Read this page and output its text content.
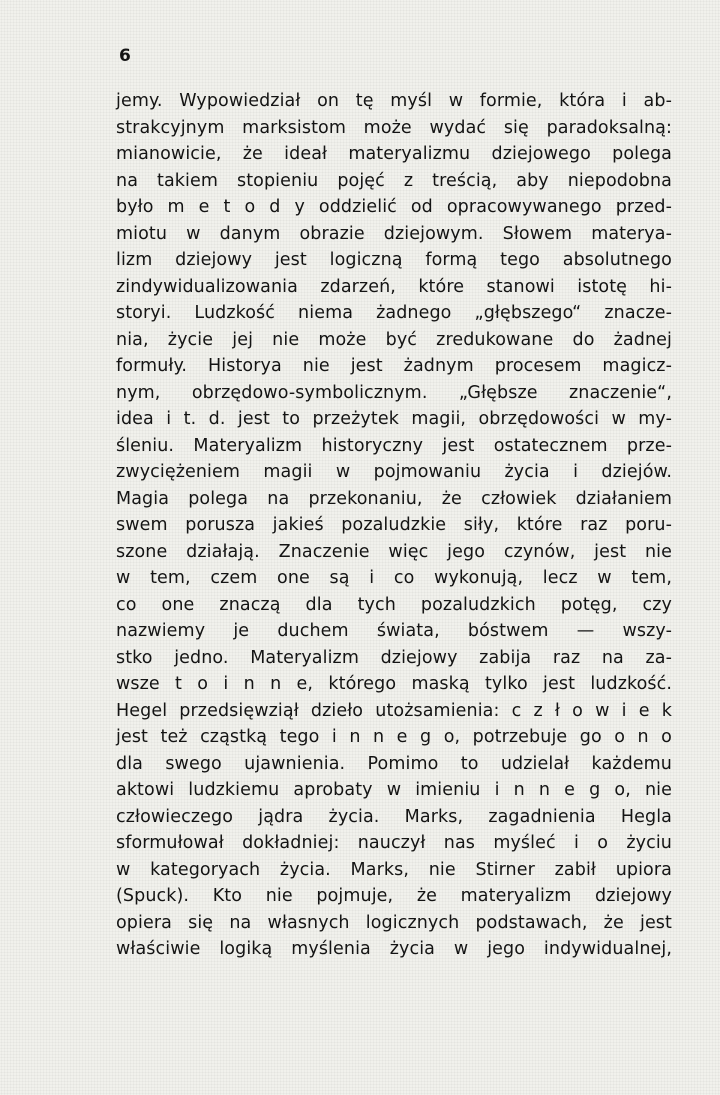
6
jemy. Wypowiedział on tę myśl w formie, która i ab-
strakcyjnym marksistom może wydać się paradoksalną:
mianowicie, że ideał materyalizmu dziejowego polega
na takiem stopieniu pojęć z treścią, aby niepodobna
było m e t o d y oddzielić od opracowywanego przed-
miotu w danym obrazie dziejowym. Słowem materya-
lizm dziejowy jest logiczną formą tego absolutnego
zindywidualizowania zdarzeń, które stanowi istotę hi-
storyi. Ludzkość niema żadnego „głębszego“ znacze-
nia, życie jej nie może być zredukowane do żadnej
formuły. Historya nie jest żadnym procesem magicz-
nym, obrzędowo-symbolicznym. „Głębsze znaczenie“,
idea i t. d. jest to przeżytek magii, obrzędowości w my-
śleniu. Materyalizm historyczny jest ostatecznem prze-
zwyciężeniem magii w pojmowaniu życia i dziejów.
Magia polega na przekonaniu, że człowiek działaniem
swem porusza jakieś pozaludzkie siły, które raz poru-
szone działają. Znaczenie więc jego czynów, jest nie
w tem, czem one są i co wykonują, lecz w tem,
co one znaczą dla tych pozaludzkich potęg, czy
nazwiemy je duchem świata, bóstwem — wszy-
stko jedno. Materyalizm dziejowy zabija raz na za-
wsze t o i n n e, którego maską tylko jest ludzkość.
Hegel przedsięwziął dzieło utożsamienia: c z ł o w i e k
jest też cząstką tego i n n e g o, potrzebuje go o n o
dla swego ujawnienia. Pomimo to udzielał każdemu
aktowi ludzkiemu aprobaty w imieniu i n n e g o, nie
człowieczego jądra życia. Marks, zagadnienia Hegla
sformułował dokładniej: nauczył nas myśleć i o życiu
w kategoryach życia. Marks, nie Stirner zabił upiora
(Spuck). Kto nie pojmuje, że materyalizm dziejowy
opiera się na własnych logicznych podstawach, że jest
właściwie logiką myślenia życia w jego indywidualnej,
